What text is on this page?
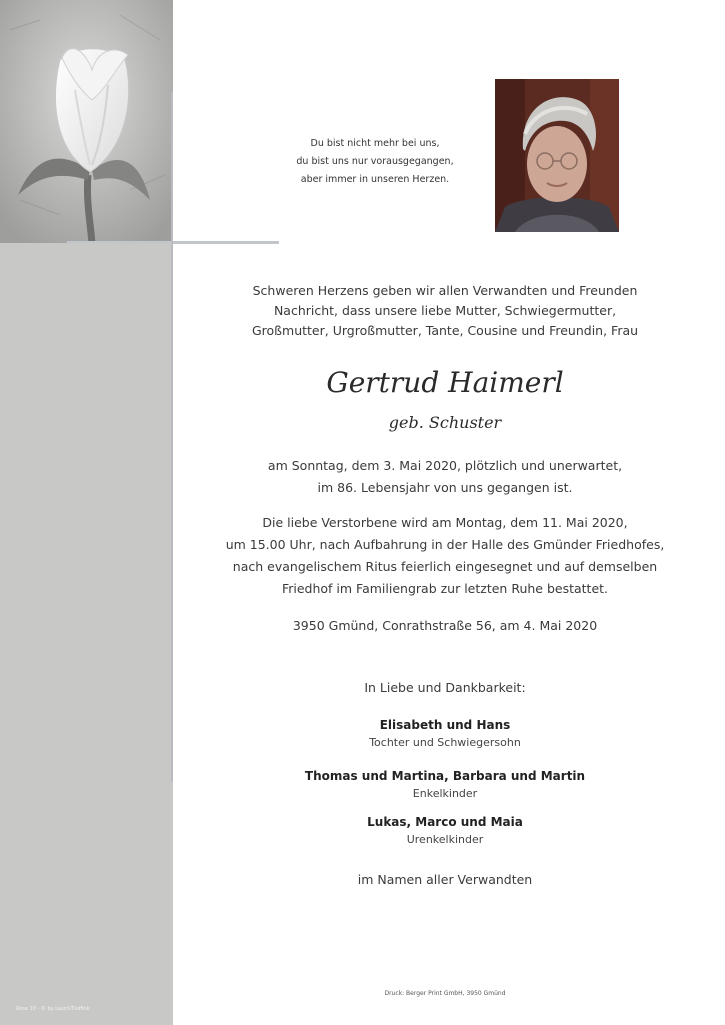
Rose 10 - © by Lasch/Tiuffink
Du bist nicht mehr bei uns,
du bist uns nur vorausgegangen,
aber immer in unseren Herzen.
Schweren Herzens geben wir allen Verwandten und Freunden
Nachricht, dass unsere liebe Mutter, Schwiegermutter,
Großmutter, Urgroßmutter, Tante, Cousine und Freundin, Frau
Gertrud Haimerl
geb. Schuster
am Sonntag, dem 3. Mai 2020, plötzlich und unerwartet,
im 86. Lebensjahr von uns gegangen ist.
Die liebe Verstorbene wird am Montag, dem 11. Mai 2020,
um 15.00 Uhr, nach Aufbahrung in der Halle des Gmünder Friedhofes,
nach evangelischem Ritus feierlich eingesegnet und auf demselben
Friedhof im Familiengrab zur letzten Ruhe bestattet.
3950 Gmünd, Conrathstraße 56, am 4. Mai 2020
In Liebe und Dankbarkeit:
Elisabeth und Hans
Tochter und Schwiegersohn
Thomas und Martina, Barbara und Martin
Enkelkinder
Lukas, Marco und Maia
Urenkelkinder
im Namen aller Verwandten
Druck: Berger Print GmbH, 3950 Gmünd
